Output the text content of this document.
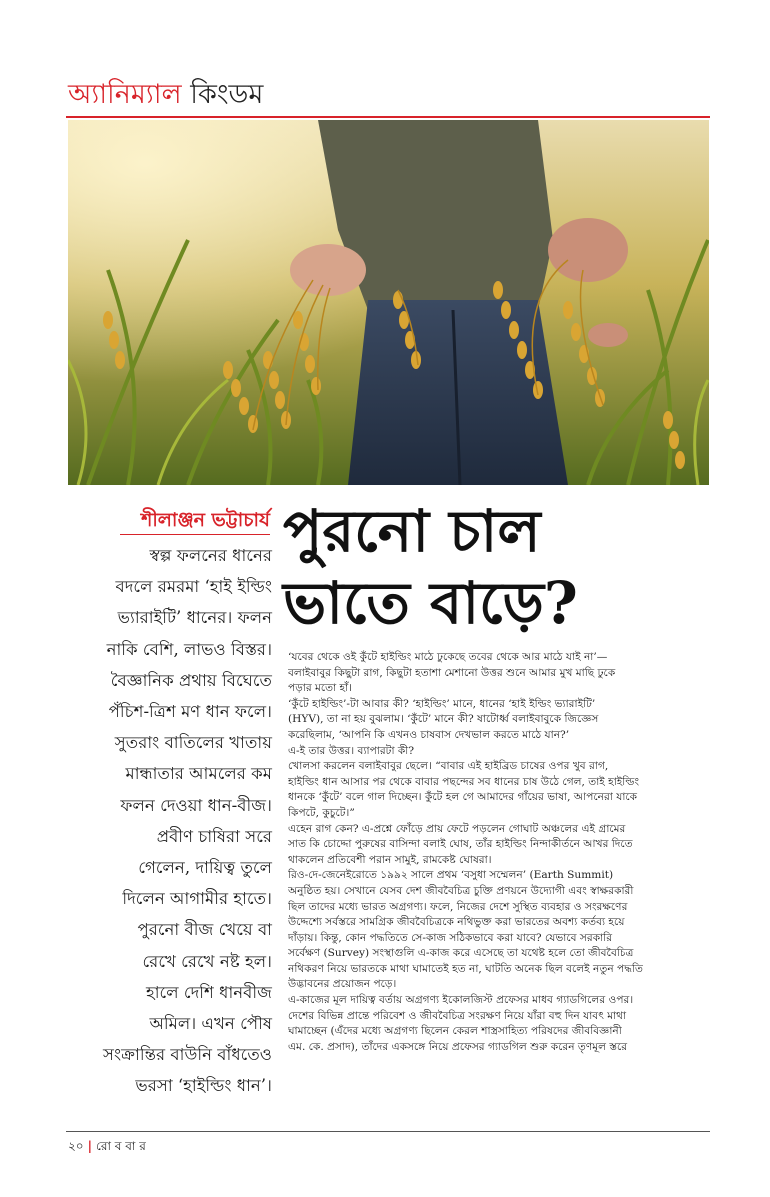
অ্যানিম্যাল কিংডম
শীলাঞ্জন ভট্টাচার্য
স্বল্প ফলনের ধানের
বদলে রমরমা ‘হাই ইল্ডিং
ভ্যারাইটি’ ধানের। ফলন
নাকি বেশি, লাভও বিস্তর।
বৈজ্ঞানিক প্রথায় বিঘেতে
পঁচিশ-ত্রিশ মণ ধান ফলে।
সুতরাং বাতিলের খাতায়
মান্ধাতার আমলের কম
ফলন দেওয়া ধান-বীজ।
প্রবীণ চাষিরা সরে
গেলেন, দায়িত্ব তুলে
দিলেন আগামীর হাতে।
পুরনো বীজ খেয়ে বা
রেখে রেখে নষ্ট হল।
হালে দেশি ধানবীজ
অমিল। এখন পৌষ
সংক্রান্তির বাউনি বাঁধতেও
ভরসা ‘হাইল্ডিং ধান’।
পুরনো চাল
ভাতে বাড়ে?
‘যবের থেকে ওই কুঁটে হাইল্ডিং মাঠে ঢুকেছে তবের থেকে আর মাঠে যাই না’—
বলাইবাবুর কিছুটা রাগ, কিছুটা হতাশা মেশানো উত্তর শুনে আমার মুখ মাছি ঢুকে
পড়ার মতো হাঁ।
‘কুঁটে হাইল্ডিং’-টা আবার কী? ‘হাইল্ডিং’ মানে, ধানের ‘হাই ইল্ডিং ভ্যারাইটি’
(HYV), তা না হয় বুঝলাম। ‘কুঁটে’ মানে কী? ষাটোর্ধ্ব বলাইবাবুকে জিজ্ঞেস
করেছিলাম, ‘আপনি কি এখনও চাষবাস দেখভাল করতে মাঠে যান?’
এ-ই তার উত্তর। ব্যাপারটা কী?
খোলসা করলেন বলাইবাবুর ছেলে। “বাবার এই হাইব্রিড চাষের ওপর খুব রাগ,
হাইল্ডিং ধান আসার পর থেকে বাবার পছন্দের সব ধানের চাষ উঠে গেল, তাই হাইল্ডিং
ধানকে ‘কুঁটে’ বলে গাল দিচ্ছেন। কুঁটে হল গে আমাদের গাঁয়ের ভাষা, আপনেরা যাকে
কিপটে, কুচুটে।”
এহেন রাগ কেন? এ-প্রশ্নে ফোঁড়ে প্রায় ফেটে পড়লেন গোঘাট অঞ্চলের এই গ্রামের
সাত কি চোদ্দো পুরুষের বাসিন্দা বলাই ঘোষ, তাঁর হাইল্ডিং নিন্দাকীর্তনে আখর দিতে
থাকলেন প্রতিবেশী পরান সামুই, রামকেষ্ট ঘোষরা।
রিও-দে-জেনেইরোতে ১৯৯২ সালে প্রথম ‘বসুধা সম্মেলন’ (Earth Summit)
অনুষ্ঠিত হয়। সেখানে যেসব দেশ জীববৈচিত্র চুক্তি প্রণয়নে উদ্যোগী এবং স্বাক্ষরকারী
ছিল তাদের মধ্যে ভারত অগ্রগণ্য। ফলে, নিজের দেশে সুস্থিত ব্যবহার ও সংরক্ষণের
উদ্দেশ্যে সর্বস্তরে সামগ্রিক জীববৈচিত্রকে নথিভুক্ত করা ভারতের অবশ্য কর্তব্য হয়ে
দাঁড়ায়। কিন্তু, কোন পদ্ধতিতে সে-কাজ সঠিকভাবে করা যাবে? যেভাবে সরকারি
সর্বেক্ষণ (Survey) সংস্থাগুলি এ-কাজ করে এসেছে তা যথেষ্ট হলে তো জীববৈচিত্র
নথিকরণ নিয়ে ভারতকে মাথা ঘামাতেই হত না, ঘাটতি অনেক ছিল বলেই নতুন পদ্ধতি
উদ্ভাবনের প্রয়োজন পড়ে।
এ-কাজের মূল দায়িত্ব বর্তায় অগ্রগণ্য ইকোলজিস্ট প্রফেসর মাধব গ্যাডগিলের ওপর।
দেশের বিভিন্ন প্রান্তে পরিবেশ ও জীববৈচিত্র সংরক্ষণ নিয়ে যাঁরা বহু দিন যাবৎ মাথা
ঘামাচ্ছেন (এঁদের মধ্যে অগ্রগণ্য ছিলেন কেরল শাস্ত্রসাহিত্য পরিষদের জীববিজ্ঞানী
এম. কে. প্রসাদ), তাঁদের একসঙ্গে নিয়ে প্রফেসর গ্যাডগিল শুরু করেন তৃণমূল স্তরে
২০ | রো ব বা র
